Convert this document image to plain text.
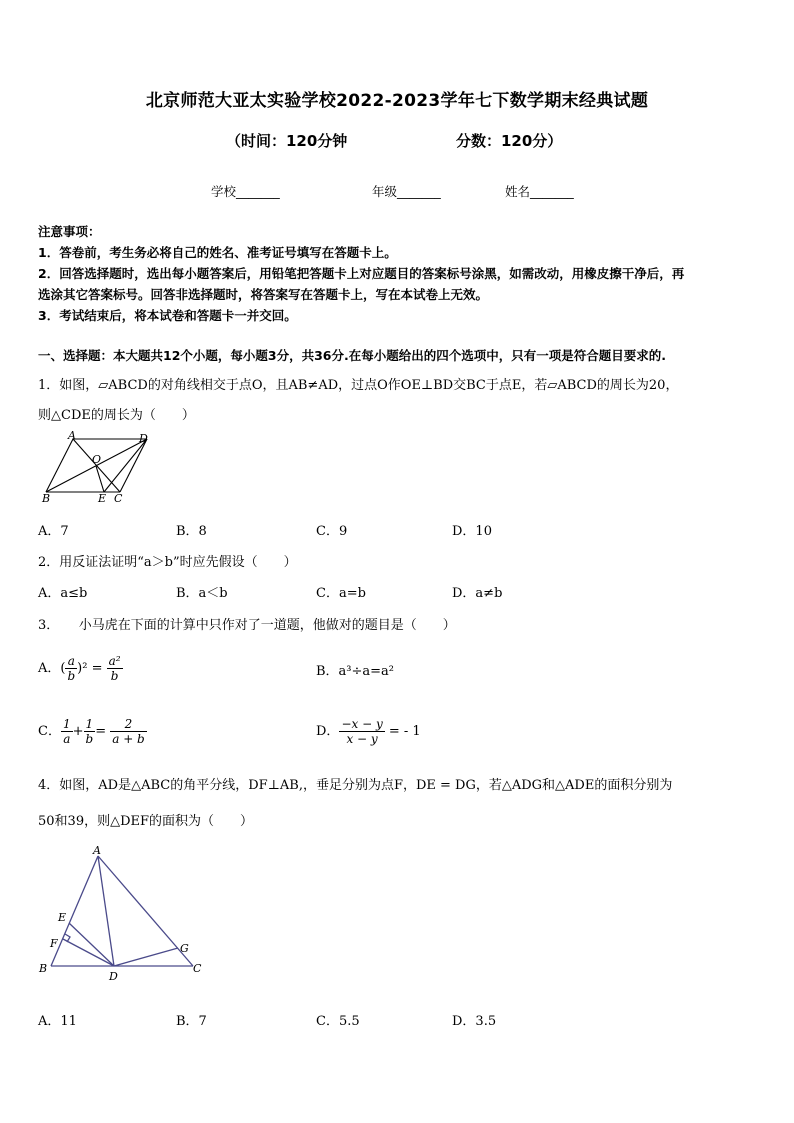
北京师范大亚太实验学校2022-2023学年七下数学期末经典试题
（时间：120分钟	分数：120分）
学校_______	年级_______	姓名_______
注意事项：
1．答卷前，考生务必将自己的姓名、准考证号填写在答题卡上。
2．回答选择题时，选出每小题答案后，用铅笔把答题卡上对应题目的答案标号涂黑，如需改动，用橡皮擦干净后，再
选涂其它答案标号。回答非选择题时，将答案写在答题卡上，写在本试卷上无效。
3．考试结束后，将本试卷和答题卡一并交回。
一、选择题：本大题共12个小题，每小题3分，共36分.在每小题给出的四个选项中，只有一项是符合题目要求的.
1．如图，▱ABCD的对角线相交于点O，且AB≠AD，过点O作OE⊥BD交BC于点E，若▱ABCD的周长为20，
则△CDE的周长为（　　）
A	D
O
B	E C
A．7	B．8	C．9	D．10
2．用反证法证明“a＞b”时应先假设（　　）
A．a≤b	B．a＜b	C．a=b	D．a≠b
3．　　小马虎在下面的计算中只作对了一道题，他做对的题目是（　　）
A．( $\frac{a}{b} )^2 = \frac{\text{a²}}{b}$	B．a³÷a=a²
C． $\frac{1}{a} + \frac{1}{b} = \frac{2}{a + b}$	D． $\frac{-x - y}{x - y}$ = - 1
4．如图，AD是△ABC的角平分线，DF⊥AB,，垂足分别为点F，DE = DG，若△ADG和△ADE的面积分别为
50和39，则△DEF的面积为（　　）
A
E
F
B
D
G
C
A．11	B．7	C．5.5	D．3.5
